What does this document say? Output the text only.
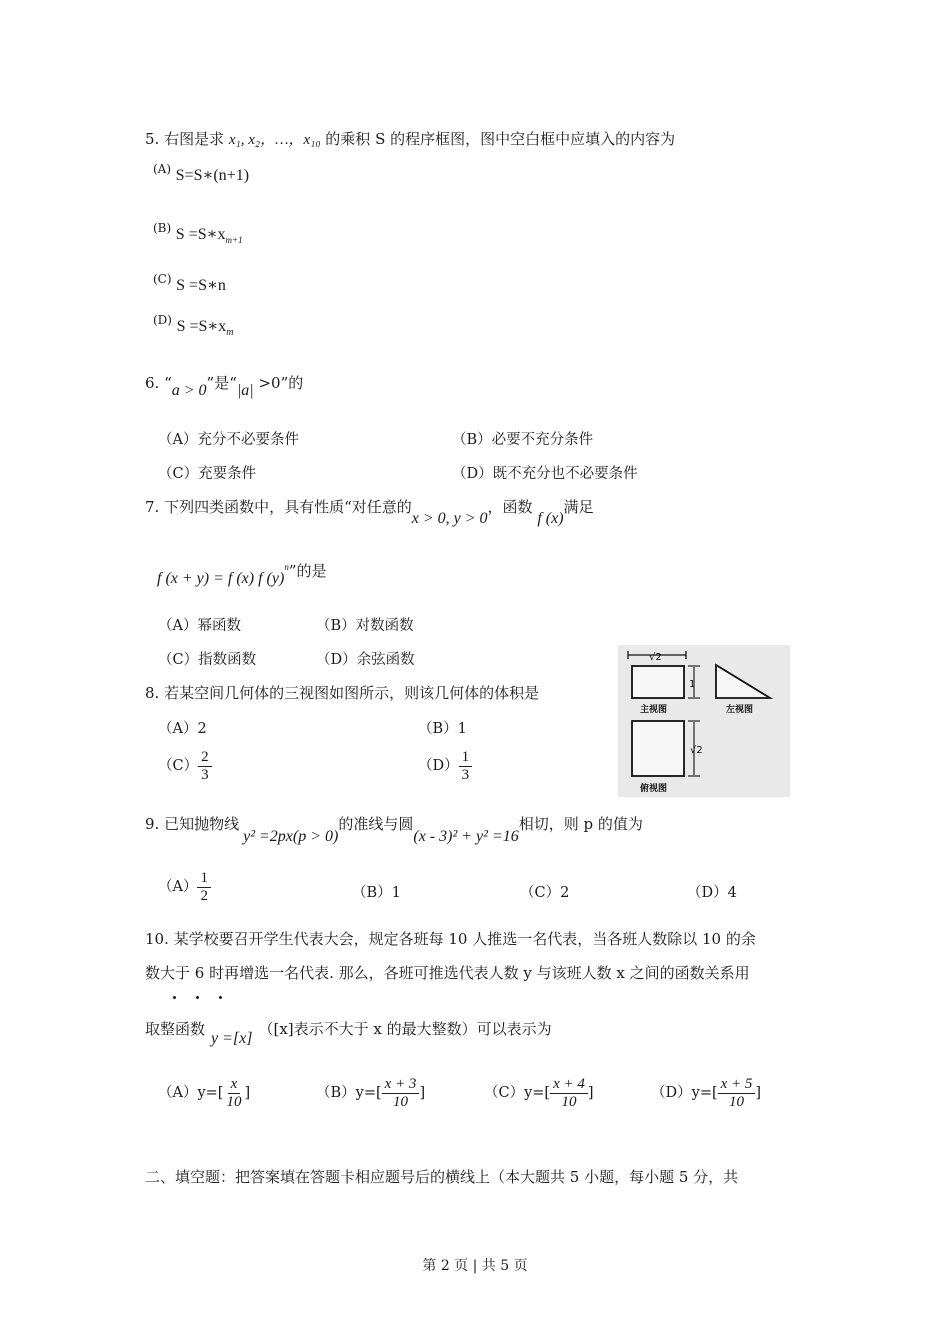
5. 右图是求 x₁, x₂，…，x₁₀ 的乘积 S 的程序框图，图中空白框中应填入的内容为
$^{(A)}$ S=S∗(n+1)
$^{(B)}$ $S =S∗x_{m+1}$
$^{(C)}$ S =S∗n
$^{(D)}$ $S =S∗x_m$
6. “a > 0”是“|a| >0”的
（A）充分不必要条件	（B）必要不充分条件
（C）充要条件	（D）既不充分也不必要条件
7. 下列四类函数中，具有性质“对任意的x > 0, y > 0，函数 f (x)满足
f (x + y) = f (x) f $(y)^n$”的是
（A）幂函数	（B）对数函数
（C）指数函数	（D）余弦函数
8. 若某空间几何体的三视图如图所示，则该几何体的体积是
（A）2	（B）1
$(C) \frac{2}{3}$	$(D) \frac{1}{3}$
√2
1
主视图	左视图
√2
俯视图
9. 已知抛物线y² =2px(p > 0)的准线与圆(x - 3)² + y² =16相切，则 p 的值为
$(A) \frac{1}{2}$	（B）1	（C）2	（D）4
10. 某学校要召开学生代表大会，规定各班每 10 人推选一名代表，当各班人数除以 10 的余
数大于 6 时再增选一名代表. 那么，各班可推选代表人数 y 与该班人数 x 之间的函数关系用
取整函数y =[x]（[x]表示不大于 x 的最大整数）可以表示为
$(A)y=[ \frac{x}{10}$ ]	$(B)y=[ \frac{x + 3}{10}$ ]	$(C)y=[ \frac{x + 4}{10}$ ]	$(D)y=[ \frac{x + 5}{10}$ ]
二、填空题：把答案填在答题卡相应题号后的横线上（本大题共 5 小题，每小题 5 分，共
第 2 页 | 共 5 页
